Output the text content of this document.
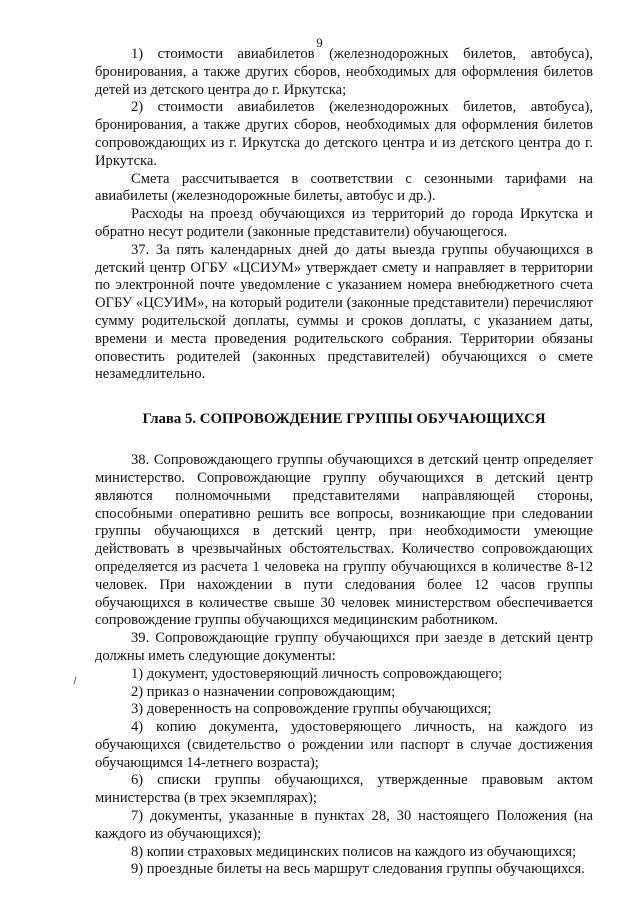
9

1) стоимости авиабилетов (железнодорожных билетов, автобуса), бронирования, а также других сборов, необходимых для оформления билетов детей из детского центра до г. Иркутска;

2) стоимости авиабилетов (железнодорожных билетов, автобуса), бронирования, а также других сборов, необходимых для оформления билетов сопровождающих из г. Иркутска до детского центра и из детского центра до г. Иркутска.

Смета рассчитывается в соответствии с сезонными тарифами на авиабилеты (железнодорожные билеты, автобус и др.).

Расходы на проезд обучающихся из территорий до города Иркутска и обратно несут родители (законные представители) обучающегося.

37. За пять календарных дней до даты выезда группы обучающихся в детский центр ОГБУ «ЦСИУМ» утверждает смету и направляет в территории по электронной почте уведомление с указанием номера внебюджетного счета ОГБУ «ЦСУИМ», на который родители (законные представители) перечисляют сумму родительской доплаты, суммы и сроков доплаты, с указанием даты, времени и места проведения родительского собрания. Территории обязаны оповестить родителей (законных представителей) обучающихся о смете незамедлительно.

Глава 5. СОПРОВОЖДЕНИЕ ГРУППЫ ОБУЧАЮЩИХСЯ

38. Сопровождающего группы обучающихся в детский центр определяет министерство. Сопровождающие группу обучающихся в детский центр являются полномочными представителями направляющей стороны, способными оперативно решить все вопросы, возникающие при следовании группы обучающихся в детский центр, при необходимости умеющие действовать в чрезвычайных обстоятельствах. Количество сопровождающих определяется из расчета 1 человека на группу обучающихся в количестве 8-12 человек. При нахождении в пути следования более 12 часов группы обучающихся в количестве свыше 30 человек министерством обеспечивается сопровождение группы обучающихся медицинским работником.

39. Сопровождающие группу обучающихся при заезде в детский центр должны иметь следующие документы:

1) документ, удостоверяющий личность сопровождающего;

2) приказ о назначении сопровождающим;

3) доверенность на сопровождение группы обучающихся;

4) копию документа, удостоверяющего личность, на каждого из обучающихся (свидетельство о рождении или паспорт в случае достижения обучающимся 14-летнего возраста);

6) списки группы обучающихся, утвержденные правовым актом министерства (в трех экземплярах);

7) документы, указанные в пунктах 28, 30 настоящего Положения (на каждого из обучающихся);

8) копии страховых медицинских полисов на каждого из обучающихся;

9) проездные билеты на весь маршрут следования группы обучающихся.
